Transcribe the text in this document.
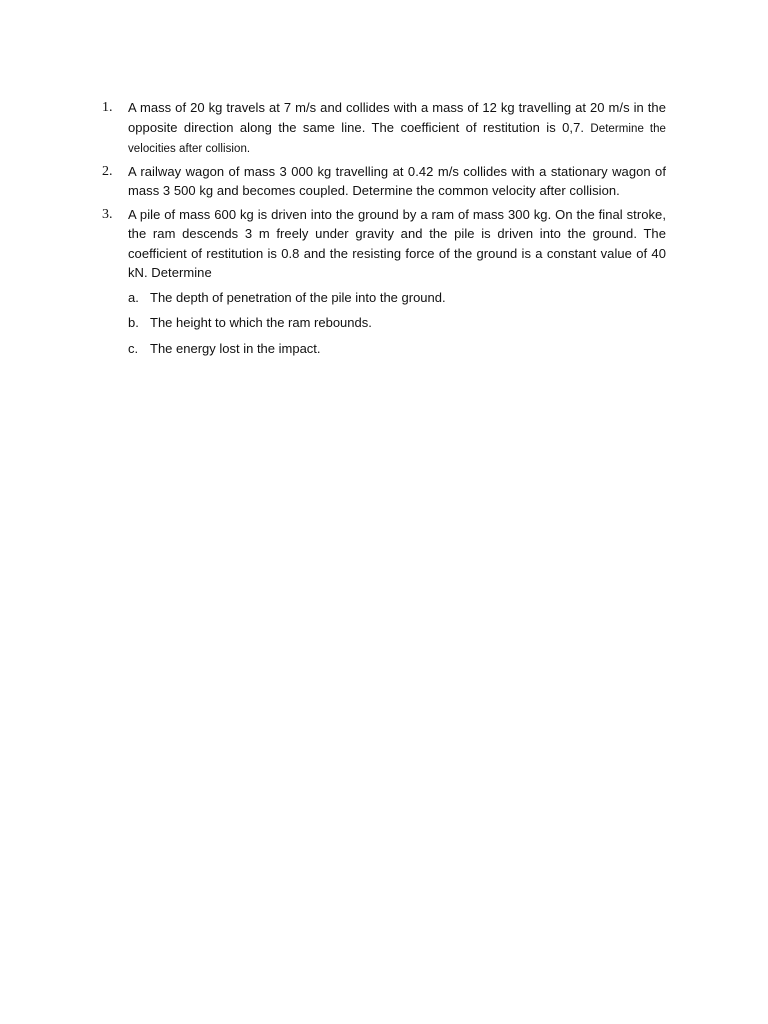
1. A mass of 20 kg travels at 7 m/s and collides with a mass of 12 kg travelling at 20 m/s in the opposite direction along the same line. The coefficient of restitution is 0,7. Determine the velocities after collision.
2. A railway wagon of mass 3 000 kg travelling at 0.42 m/s collides with a stationary wagon of mass 3 500 kg and becomes coupled. Determine the common velocity after collision.
3. A pile of mass 600 kg is driven into the ground by a ram of mass 300 kg. On the final stroke, the ram descends 3 m freely under gravity and the pile is driven into the ground. The coefficient of restitution is 0.8 and the resisting force of the ground is a constant value of 40 kN. Determine
a. The depth of penetration of the pile into the ground.
b. The height to which the ram rebounds.
c. The energy lost in the impact.
